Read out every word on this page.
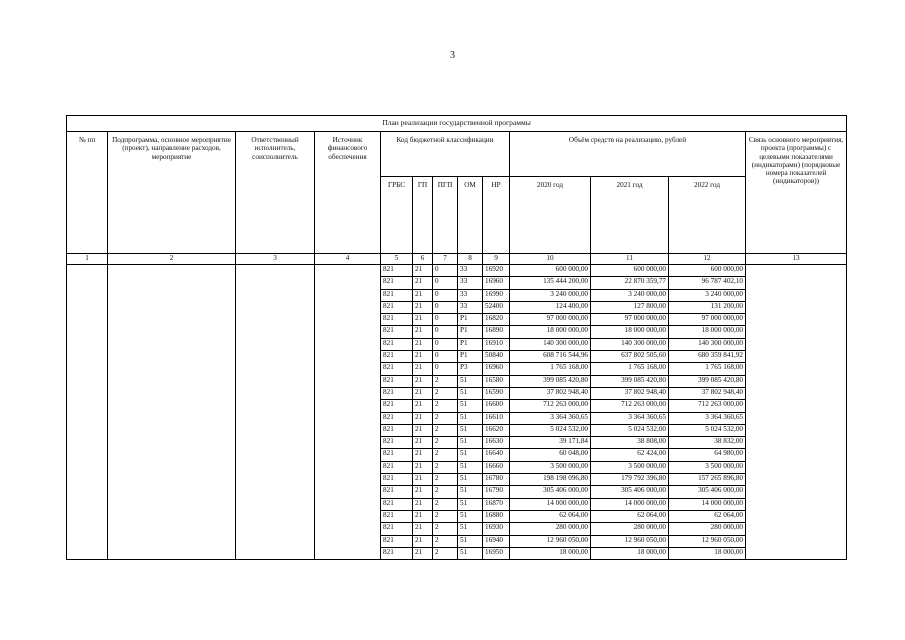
3
План реализации государственной программы												
№ пп	Подпрограмма, основное мероприятие (проект), направление расходов, мероприятие	Ответственный исполнитель, соисполнитель	Источник финансового обеспечения	Код бюджетной классификации					Объём средств на реализацию, рублей			Связь основного мероприятия, проекта (программы) с целевыми показателями (индикаторами) (порядковые номера показателей (индикаторов))
				ГРБС	ГП	ПГП	ОМ	НР	2020 год	2021 год	2022 год	
1	2	3	4	5	6	7	8	9	10	11	12	13
				821	21	0	33	16920	600 000,00	600 000,00	600 000,00	
				821	21	0	33	16960	135 444 200,00	22 870 359,77	96 787 402,10	
				821	21	0	33	16990	3 240 000,00	3 240 000,00	3 240 000,00	
				821	21	0	33	52400	124 400,00	127 800,00	131 200,00	
				821	21	0	P1	16820	97 000 000,00	97 000 000,00	97 000 000,00	
				821	21	0	P1	16890	18 000 000,00	18 000 000,00	18 000 000,00	
				821	21	0	P1	16910	140 300 000,00	140 300 000,00	140 300 000,00	
				821	21	0	P1	50840	608 716 544,96	637 802 505,60	680 359 841,92	
				821	21	0	P3	16960	1 765 168,00	1 765 168,00	1 765 168,00	
				821	21	2	51	16580	399 085 420,80	399 085 420,80	399 085 420,80	
				821	21	2	51	16590	37 802 948,40	37 802 948,40	37 802 948,40	
				821	21	2	51	16600	712 263 000,00	712 263 000,00	712 263 000,00	
				821	21	2	51	16610	3 364 360,65	3 364 360,65	3 364 360,65	
				821	21	2	51	16620	5 024 532,00	5 024 532,00	5 024 532,00	
				821	21	2	51	16630	39 171,84	38 808,00	38 832,00	
				821	21	2	51	16640	60 048,00	62 424,00	64 980,00	
				821	21	2	51	16660	3 500 000,00	3 500 000,00	3 500 000,00	
				821	21	2	51	16780	198 198 096,80	179 792 396,80	157 265 896,80	
				821	21	2	51	16790	305 406 000,00	305 406 000,00	305 406 000,00	
				821	21	2	51	16870	14 000 000,00	14 000 000,00	14 000 000,00	
				821	21	2	51	16880	62 064,00	62 064,00	62 064,00	
				821	21	2	51	16930	280 000,00	280 000,00	280 000,00	
				821	21	2	51	16940	12 960 050,00	12 960 050,00	12 960 050,00	
				821	21	2	51	16950	18 000,00	18 000,00	18 000,00	
